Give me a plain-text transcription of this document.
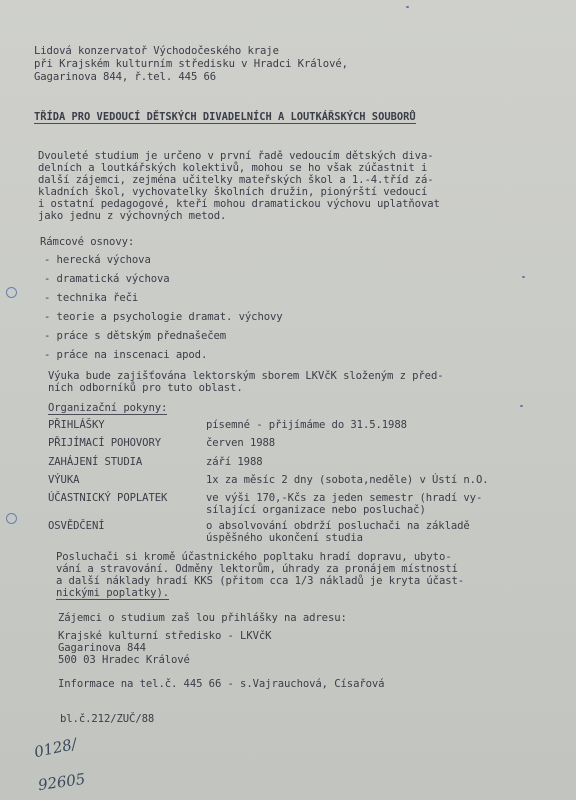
Lidová konzervatoř Východočeského kraje
při Krajském kulturním středisku v Hradci Králové,
Gagarinova 844, ř.tel. 445 66
TŘÍDA PRO VEDOUCÍ DĚTSKÝCH DIVADELNÍCH A LOUTKÁŘSKÝCH SOUBORŮ
Dvouleté studium je určeno v první řadě vedoucím dětských diva-
delních a loutkářských kolektivů, mohou se ho však zúčastnit i
další zájemci, zejména učitelky mateřských škol a 1.-4.tříd zá-
kladních škol, vychovatelky školních družin, pionýrští vedoucí
i ostatní pedagogové, kteří mohou dramatickou výchovu uplatňovat
jako jednu z výchovných metod.
Rámcové osnovy:
- herecká výchova
- dramatická výchova
- technika řeči
- teorie a psychologie dramat. výchovy
- práce s dětským přednašečem
- práce na inscenaci apod.
Výuka bude zajišťována lektorským sborem LKVčK složeným z před-
ních odborníků pro tuto oblast.
Organizační pokyny:
PŘIHLÁŠKY	písemné - přijímáme do 31.5.1988
PŘIJÍMACÍ POHOVORY	červen 1988
ZAHÁJENÍ STUDIA	září 1988
VÝUKA	1x za měsíc 2 dny (sobota,neděle) v Ústí n.O.
ÚČASTNICKÝ POPLATEK	ve výši 170,-Kčs za jeden semestr (hradí vy-
sílající organizace nebo posluchač)
OSVĚDČENÍ	o absolvování obdrží posluchači na základě
úspěšného ukončení studia
Posluchači si kromě účastnického popltaku hradí dopravu, ubyto-
vání a stravování. Odměny lektorům, úhrady za pronájem místností
a další náklady hradí KKS (přitom cca 1/3 nákladů je kryta účast-
nickými poplatky).
Zájemci o studium zaš lou přihlášky na adresu:
Krajské kulturní středisko - LKVčK
Gagarinova 844
500 03 Hradec Králové
Informace na tel.č. 445 66 - s.Vajrauchová, Císařová
bl.č.212/ZUČ/88
0128/
92605
